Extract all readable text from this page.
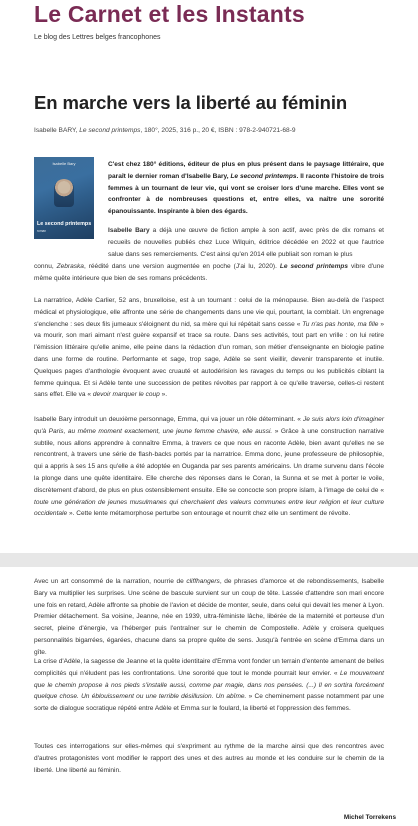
Le Carnet et les Instants
Le blog des Lettres belges francophones
En marche vers la liberté au féminin
Isabelle BARY, Le second printemps, 180°, 2025, 316 p., 20 €, ISBN : 978-2-940721-68-9
Isabelle Bary
Le second printemps
roman

C'est chez 180° éditions, éditeur de plus en plus présent dans le paysage littéraire, que paraît le dernier roman d'Isabelle Bary, Le second printemps. Il raconte l'histoire de trois femmes à un tournant de leur vie, qui vont se croiser lors d'une marche. Elles vont se confronter à de nombreuses questions et, entre elles, va naître une sororité épanouissante. Inspirante à bien des égards.

Isabelle Bary a déjà une œuvre de fiction ample à son actif, avec près de dix romans et recueils de nouvelles publiés chez Luce Wilquin, éditrice décédée en 2022 et que l'autrice salue dans ses remerciements. C'est ainsi qu'en 2014 elle publiait son roman le plus

connu, Zebraska, réédité dans une version augmentée en poche (J'ai lu, 2020). Le second printemps vibre d'une même quête intérieure que bien de ses romans précédents.

La narratrice, Adèle Carlier, 52 ans, bruxelloise, est à un tournant : celui de la ménopause. Bien au-delà de l'aspect médical et physiologique, elle affronte une série de changements dans une vie qui, pourtant, la comblait. Un engrenage s'enclenche : ses deux fils jumeaux s'éloignent du nid, sa mère qui lui répétait sans cesse « Tu n'as pas honte, ma fille » va mourir, son mari aimant n'est guère expansif et trace sa route. Dans ses activités, tout part en vrille : on lui retire l'émission littéraire qu'elle anime, elle peine dans la rédaction d'un roman, son métier d'enseignante en biologie patine dans une forme de routine. Performante et sage, trop sage, Adèle se sent vieillir, devenir transparente et inutile. Quelques pages d'anthologie évoquent avec cruauté et autodérision les ravages du temps ou les publicités ciblant la femme quinqua. Et si Adèle tente une succession de petites révoltes par rapport à ce qu'elle traverse, celles-ci restent sans effet. Elle va « devoir marquer le coup ».

Isabelle Bary introduit un deuxième personnage, Emma, qui va jouer un rôle déterminant. « Je suis alors loin d'imaginer qu'à Paris, au même moment exactement, une jeune femme chavire, elle aussi. » Grâce à une construction narrative subtile, nous allons apprendre à connaître Emma, à travers ce que nous en raconte Adèle, bien avant qu'elles ne se rencontrent, à travers une série de flash-backs portés par la narratrice. Emma donc, jeune professeure de philosophie, qui a appris à ses 15 ans qu'elle a été adoptée en Ouganda par ses parents américains. Un drame survenu dans l'école la plonge dans une quête identitaire. Elle cherche des réponses dans le Coran, la Sunna et se met à porter le voile, discrètement d'abord, de plus en plus ostensiblement ensuite. Elle se concocte son propre islam, à l'image de celui de « toute une génération de jeunes musulmanes qui cherchaient des valeurs communes entre leur religion et leur culture occidentale ». Cette lente métamorphose perturbe son entourage et nourrit chez elle un sentiment de révolte.

Avec un art consommé de la narration, nourrie de cliffhangers, de phrases d'amorce et de rebondissements, Isabelle Bary va multiplier les surprises. Une scène de bascule survient sur un coup de tête. Lassée d'attendre son mari encore une fois en retard, Adèle affronte sa phobie de l'avion et décide de monter, seule, dans celui qui devait les mener à Lyon. Premier détachement. Sa voisine, Jeanne, née en 1939, ultra-féministe lâche, libérée de la maternité et porteuse d'un secret, pleine d'énergie, va l'héberger puis l'entraîner sur le chemin de Compostelle. Adèle y croisera quelques personnalités bigarrées, égarées, chacune dans sa propre quête de sens. Jusqu'à l'entrée en scène d'Emma dans un gîte.

La crise d'Adèle, la sagesse de Jeanne et la quête identitaire d'Emma vont fonder un terrain d'entente amenant de belles complicités qui n'éludent pas les confrontations. Une sororité que tout le monde pourrait leur envier. « Le mouvement que le chemin propose à nos pieds s'installe aussi, comme par magie, dans nos pensées. (...) Il en sortira forcément quelque chose. Un éblouissement ou une terrible désillusion. Un abîme. » Ce cheminement passe notamment par une sorte de dialogue socratique répété entre Adèle et Emma sur le foulard, la liberté et l'oppression des femmes.

Toutes ces interrogations sur elles-mêmes qui s'expriment au rythme de la marche ainsi que des rencontres avec d'autres protagonistes vont modifier le rapport des unes et des autres au monde et les conduire sur le chemin de la liberté. Une liberté au féminin.

Michel Torrekens
